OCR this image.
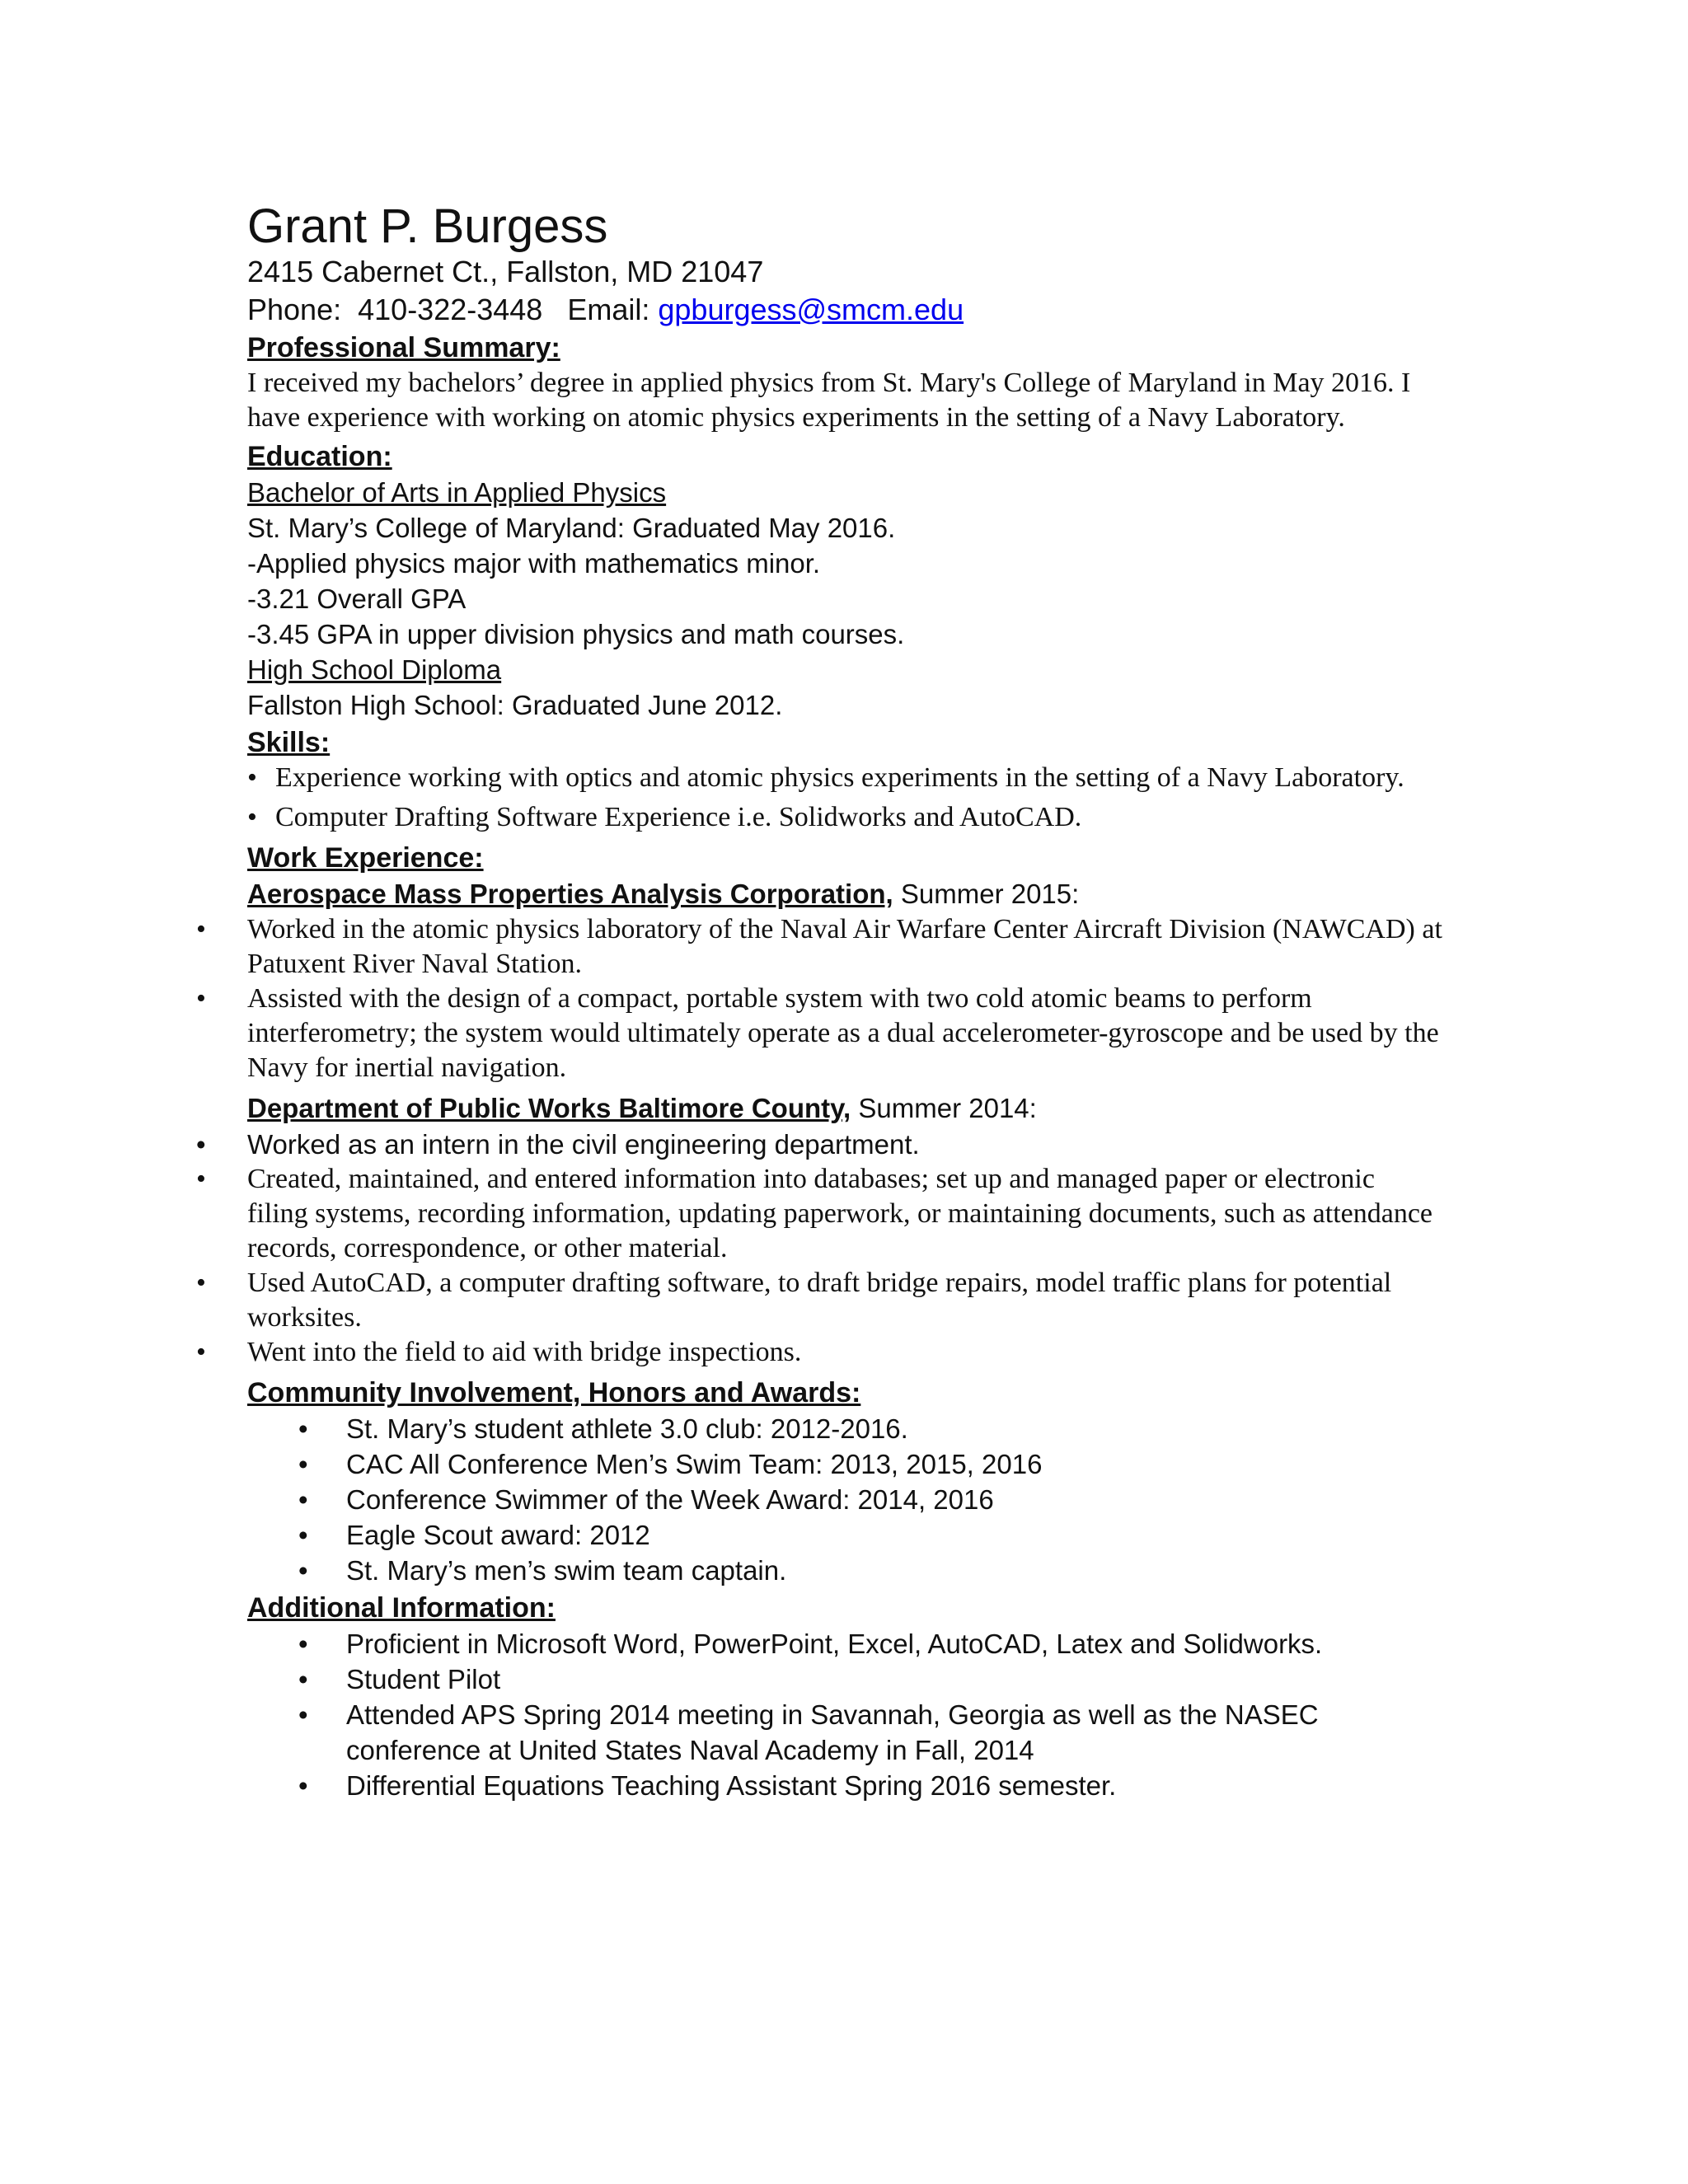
Grant P. Burgess
2415 Cabernet Ct., Fallston, MD 21047
Phone: 410-322-3448 Email: gpburgess@smcm.edu
Professional Summary:

I received my bachelors’ degree in applied physics from St. Mary's College of Maryland in May 2016. I have experience with working on atomic physics experiments in the setting of a Navy Laboratory.

Education:

Bachelor of Arts in Applied Physics

St. Mary’s College of Maryland: Graduated May 2016.

-Applied physics major with mathematics minor.

-3.21 Overall GPA

-3.45 GPA in upper division physics and math courses.

High School Diploma

Fallston High School: Graduated June 2012.

Skills:

• Experience working with optics and atomic physics experiments in the setting of a Navy Laboratory.

• Computer Drafting Software Experience i.e. Solidworks and AutoCAD.

Work Experience:

Aerospace Mass Properties Analysis Corporation, Summer 2015:

• Worked in the atomic physics laboratory of the Naval Air Warfare Center Aircraft Division (NAWCAD) at Patuxent River Naval Station.
• Assisted with the design of a compact, portable system with two cold atomic beams to perform interferometry; the system would ultimately operate as a dual accelerometer-gyroscope and be used by the Navy for inertial navigation.

Department of Public Works Baltimore County, Summer 2014:

• Worked as an intern in the civil engineering department.
• Created, maintained, and entered information into databases; set up and managed paper or electronic filing systems, recording information, updating paperwork, or maintaining documents, such as attendance records, correspondence, or other material.
• Used AutoCAD, a computer drafting software, to draft bridge repairs, model traffic plans for potential worksites.
• Went into the field to aid with bridge inspections.
Community Involvement, Honors and Awards:
• St. Mary’s student athlete 3.0 club: 2012-2016.
• CAC All Conference Men’s Swim Team: 2013, 2015, 2016
• Conference Swimmer of the Week Award: 2014, 2016
• Eagle Scout award: 2012
• St. Mary’s men’s swim team captain.
Additional Information:
• Proficient in Microsoft Word, PowerPoint, Excel, AutoCAD, Latex and Solidworks.
• Student Pilot
• Attended APS Spring 2014 meeting in Savannah, Georgia as well as the NASEC conference at United States Naval Academy in Fall, 2014
• Differential Equations Teaching Assistant Spring 2016 semester.
